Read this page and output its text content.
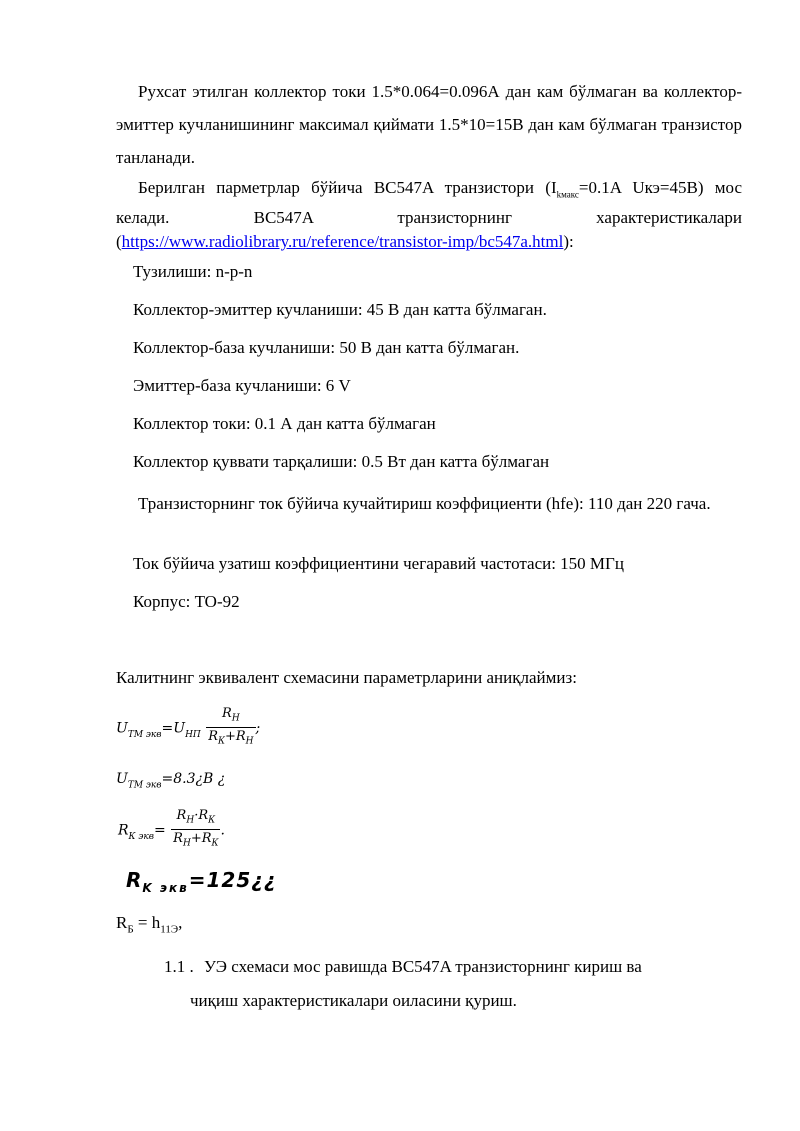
Рухсат этилган коллектор токи 1.5*0.064=0.096А дан кам бўлмаган ва коллектор-эмиттер кучланишининг максимал қиймати 1.5*10=15В дан кам бўлмаган транзистор танланади.

Берилган парметрлар бўйича BC547A транзистори ($I_{kмакс}=0.1A$ Uкэ=45В) мос келади. BC547A транзисторнинг характеристикалари (https://www.radiolibrary.ru/reference/transistor-imp/bc547a.html):

Тузилиши: n-p-n

Коллектор-эмиттер кучланиши: 45 В дан катта бўлмаган.

Коллектор-база кучланиши: 50 В дан катта бўлмаган.

Эмиттер-база кучланиши: 6 V

Коллектор токи: 0.1 А дан катта бўлмаган

Коллектор қуввати тарқалиши: 0.5 Вт дан катта бўлмаган

Транзисторнинг ток бўйича кучайтириш коэффициенти (hfe): 110 дан 220 гача.

Ток бўйича узатиш коэффициентини чегаравий частотаси: 150 МГц

Корпус: TO-92

Калитнинг эквивалент схемасини параметрларини аниқлаймиз:

$U_{ТМ экв}=U_{НП} \frac{R_Н}{R_К+R_Н}$ ;

$U_{ТМ экв}=8.3¿B$ ¿

$R_{К экв}= \frac{R_Н\cdot R_К}{R_Н+R_К}$ .

$R_{K экв}=125¿¿$

$R_Б = h_{11Э}$,

1.1 . УЭ схемаси мос равишда BC547A транзисторнинг кириш ва
чиқиш характеристикалари оиласини қуриш.
